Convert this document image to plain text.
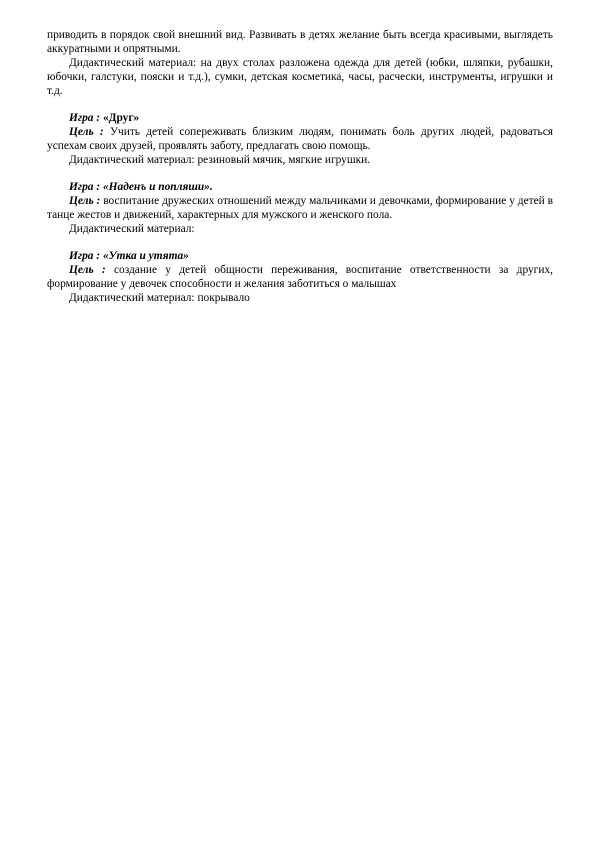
приводить в порядок свой внешний вид. Развивать в детях желание быть всегда красивыми, выглядеть аккуратными и опрятными.

Дидактический материал: на двух столах разложена одежда для детей (юбки, шляпки, рубашки, юбочки, галстуки, пояски и т.д.), сумки, детская косметика, часы, расчески, инструменты, игрушки и т.д.

Игра : «Друг»

Цель : Учить детей сопереживать близким людям, понимать боль других людей, радоваться успехам своих друзей, проявлять заботу, предлагать свою помощь.

Дидактический материал: резиновый мячик, мягкие игрушки.

Игра : «Наденъ и попляши».

Цель : воспитание дружеских отношений между мальчиками и девочками, формирование у детей в танце жестов и движений, характерных для мужского и женского пола.

Дидактический материал:

Игра : «Утка и утята»

Цель : создание у детей общности переживания, воспитание ответственности за других, формирование у девочек способности и желания заботиться о малышах

Дидактический материал: покрывало
